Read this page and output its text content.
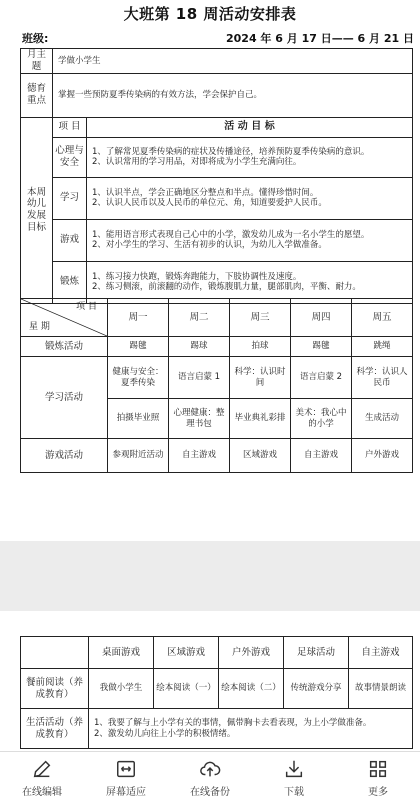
大班第 18 周活动安排表
班级:	2024 年 6 月 17 日—— 6 月 21 日
月主题	学做小学生	
德育重点	掌握一些预防夏季传染病的有效方法，学会保护自己。	
本周幼儿发展目标	项 目	活 动 目 标
	心理与安全	1、了解常见夏季传染病的症状及传播途径，培养预防夏季传染病的意识。
2、认识常用的学习用品，对即将成为小学生充满向往。

	学习	1、认识半点，学会正确地区分整点和半点。懂得珍惜时间。
2、认识人民币以及人民币的单位元、角，知道要爱护人民币。

	游戏	1、能用语言形式表现自己心中的小学，激发幼儿成为一名小学生的愿望。
2、对小学生的学习、生活有初步的认识，为幼儿入学做准备。

	锻炼	1、练习接力快跑，锻炼奔跑能力，下肢协调性及速度。
2、练习侧滚，前滚翻的动作，锻炼腹肌力量，腿部肌肉，平衡、耐力。
项 目
星 期	周一	周二	周三	周四	周五
锻炼活动	踢毽	踢球	拍球	踢毽	跳绳
学习活动	健康与安全：夏季传染	语言启蒙 1	科学：认识时间	语言启蒙 2	科学：认识人民币
	拍摄毕业照	心理健康：整理书包	毕业典礼彩排	美术：我心中的小学	生成活动
游戏活动	参观附近活动	自主游戏	区域游戏	自主游戏	户外游戏
	桌面游戏	区域游戏	户外游戏	足球活动	自主游戏
餐前阅读（养成教育）	我做小学生	绘本阅读（一）	绘本阅读（二）	传统游戏分享	故事情景朗读
生活活动（养成教育）	1、我要了解与上小学有关的事情，佩带胸卡去看表现，为上小学做准备。
2、激发幼儿向往上小学的积极情绪。				
在线编辑	屏幕适应	在线备份	下载	更多
